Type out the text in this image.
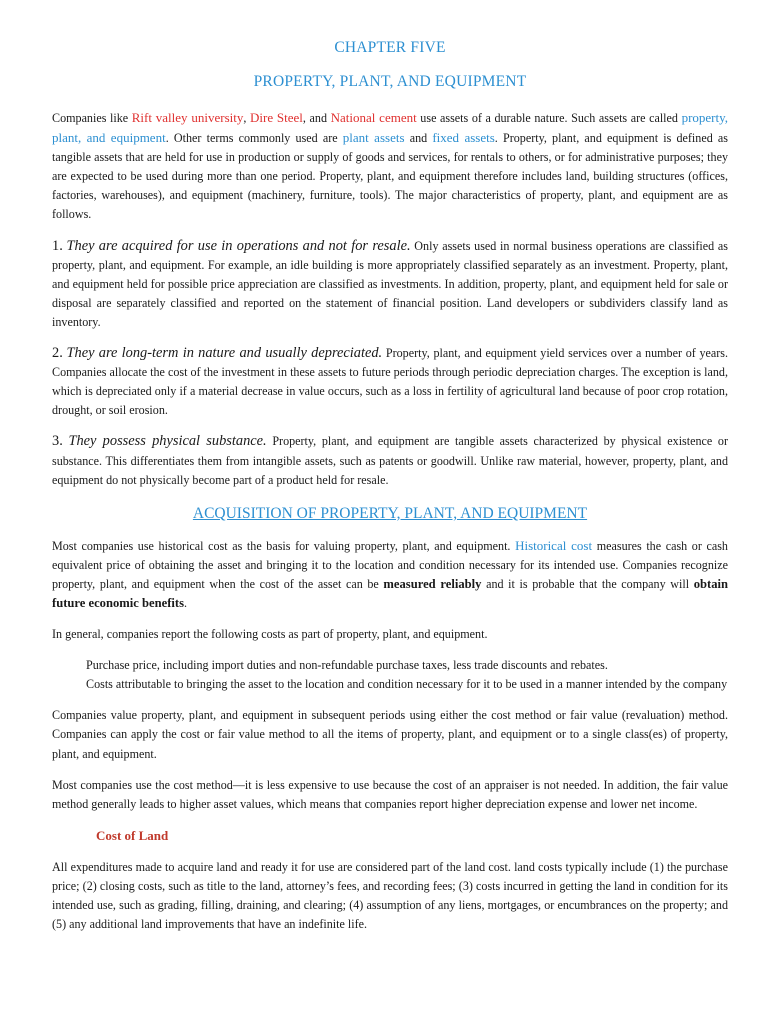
CHAPTER FIVE
PROPERTY, PLANT, AND EQUIPMENT

Companies like Rift valley university, Dire Steel, and National cement use assets of a durable nature. Such assets are called property, plant, and equipment. Other terms commonly used are plant assets and fixed assets. Property, plant, and equipment is defined as tangible assets that are held for use in production or supply of goods and services, for rentals to others, or for administrative purposes; they are expected to be used during more than one period. Property, plant, and equipment therefore includes land, building structures (offices, factories, warehouses), and equipment (machinery, furniture, tools). The major characteristics of property, plant, and equipment are as follows.

1. They are acquired for use in operations and not for resale. Only assets used in normal business operations are classified as property, plant, and equipment. For example, an idle building is more appropriately classified separately as an investment. Property, plant, and equipment held for possible price appreciation are classified as investments. In addition, property, plant, and equipment held for sale or disposal are separately classified and reported on the statement of financial position. Land developers or subdividers classify land as inventory.

2. They are long-term in nature and usually depreciated. Property, plant, and equipment yield services over a number of years. Companies allocate the cost of the investment in these assets to future periods through periodic depreciation charges. The exception is land, which is depreciated only if a material decrease in value occurs, such as a loss in fertility of agricultural land because of poor crop rotation, drought, or soil erosion.

3. They possess physical substance. Property, plant, and equipment are tangible assets characterized by physical existence or substance. This differentiates them from intangible assets, such as patents or goodwill. Unlike raw material, however, property, plant, and equipment do not physically become part of a product held for resale.

ACQUISITION OF PROPERTY, PLANT, AND EQUIPMENT

Most companies use historical cost as the basis for valuing property, plant, and equipment. Historical cost measures the cash or cash equivalent price of obtaining the asset and bringing it to the location and condition necessary for its intended use. Companies recognize property, plant, and equipment when the cost of the asset can be measured reliably and it is probable that the company will obtain future economic benefits.

In general, companies report the following costs as part of property, plant, and equipment.

Purchase price, including import duties and non-refundable purchase taxes, less trade discounts and rebates.

Costs attributable to bringing the asset to the location and condition necessary for it to be used in a manner intended by the company

Companies value property, plant, and equipment in subsequent periods using either the cost method or fair value (revaluation) method. Companies can apply the cost or fair value method to all the items of property, plant, and equipment or to a single class(es) of property, plant, and equipment.

Most companies use the cost method—it is less expensive to use because the cost of an appraiser is not needed. In addition, the fair value method generally leads to higher asset values, which means that companies report higher depreciation expense and lower net income.

Cost of Land

All expenditures made to acquire land and ready it for use are considered part of the land cost. land costs typically include (1) the purchase price; (2) closing costs, such as title to the land, attorney’s fees, and recording fees; (3) costs incurred in getting the land in condition for its intended use, such as grading, filling, draining, and clearing; (4) assumption of any liens, mortgages, or encumbrances on the property; and (5) any additional land improvements that have an indefinite life.
